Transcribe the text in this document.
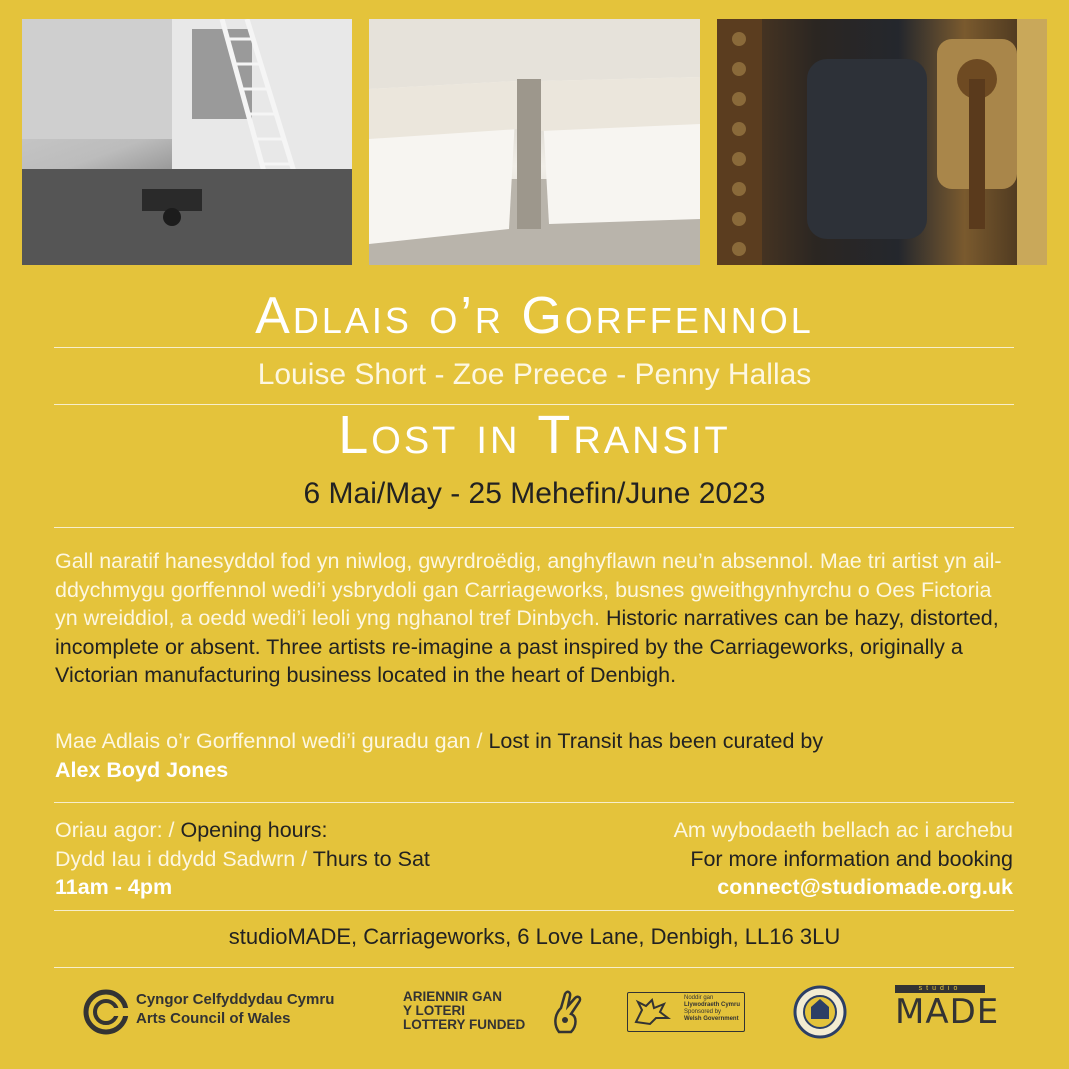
Adlais o’r Gorffennol
Louise Short - Zoe Preece - Penny Hallas
Lost in Transit
6 Mai/May - 25 Mehefin/June 2023
Gall naratif hanesyddol fod yn niwlog, gwyrdroëdig, anghyflawn neu’n absennol. Mae tri artist yn ail-ddychmygu gorffennol wedi’i ysbrydoli gan Carriageworks, busnes gweithgynhyrchu o Oes Fictoria yn wreiddiol, a oedd wedi’i leoli yng nghanol tref Dinbych. Historic narratives can be hazy, distorted, incomplete or absent. Three artists re-imagine a past inspired by the Carriageworks, originally a Victorian manufacturing business located in the heart of Denbigh.
Mae Adlais o’r Gorffennol wedi’i guradu gan / Lost in Transit has been curated by
Alex Boyd Jones
Oriau agor: / Opening hours:
Dydd Iau i ddydd Sadwrn / Thurs to Sat
11am - 4pm
Am wybodaeth bellach ac i archebu
For more information and booking
connect@studiomade.org.uk
studioMADE, Carriageworks, 6 Love Lane, Denbigh, LL16 3LU
Cyngor Celfyddydau Cymru
Arts Council of Wales
ARIENNIR GAN
Y LOTERI
LOTTERY FUNDED
Noddir gan
Llywodraeth Cymru
Sponsored by
Welsh Government
studio
MADE
